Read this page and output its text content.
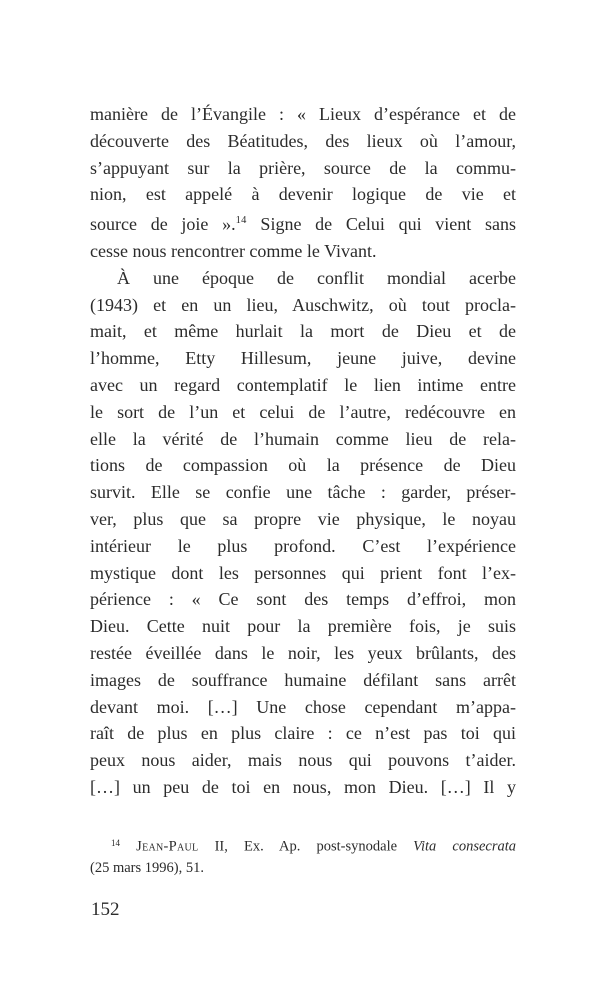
manière de l’Évangile : « Lieux d’espérance et de
découverte des Béatitudes, des lieux où l’amour,
s’appuyant sur la prière, source de la commu-
nion, est appelé à devenir logique de vie et
source de joie ».$^{14}$ Signe de Celui qui vient sans
cesse nous rencontrer comme le Vivant.
À une époque de conflit mondial acerbe
(1943) et en un lieu, Auschwitz, où tout procla-
mait, et même hurlait la mort de Dieu et de
l’homme, Etty Hillesum, jeune juive, devine
avec un regard contemplatif le lien intime entre
le sort de l’un et celui de l’autre, redécouvre en
elle la vérité de l’humain comme lieu de rela-
tions de compassion où la présence de Dieu
survit. Elle se confie une tâche : garder, préser-
ver, plus que sa propre vie physique, le noyau
intérieur le plus profond. C’est l’expérience
mystique dont les personnes qui prient font l’ex-
périence : « Ce sont des temps d’effroi, mon
Dieu. Cette nuit pour la première fois, je suis
restée éveillée dans le noir, les yeux brûlants, des
images de souffrance humaine défilant sans arrêt
devant moi. […] Une chose cependant m’appa-
raît de plus en plus claire : ce n’est pas toi qui
peux nous aider, mais nous qui pouvons t’aider.
[…] un peu de toi en nous, mon Dieu. […] Il y
$^{14}$ Jean-Paul II, Ex. Ap. post-synodale Vita consecrata
(25 mars 1996), 51.
152
